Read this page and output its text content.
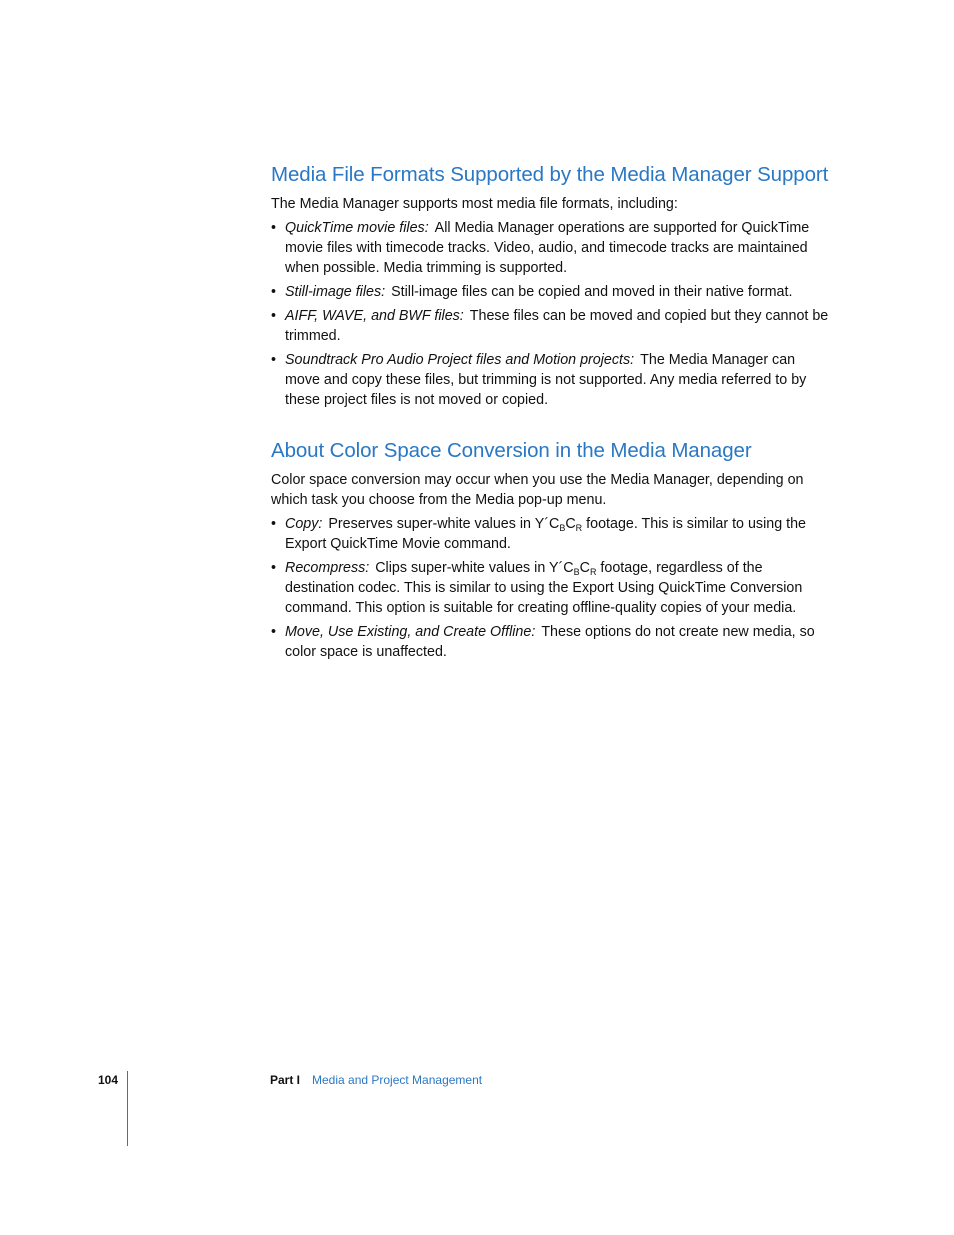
Media File Formats Supported by the Media Manager Support

The Media Manager supports most media file formats, including:

• QuickTime movie files: All Media Manager operations are supported for QuickTime movie files with timecode tracks. Video, audio, and timecode tracks are maintained when possible. Media trimming is supported.
• Still-image files: Still-image files can be copied and moved in their native format.
• AIFF, WAVE, and BWF files: These files can be moved and copied but they cannot be trimmed.
• Soundtrack Pro Audio Project files and Motion projects: The Media Manager can move and copy these files, but trimming is not supported. Any media referred to by these project files is not moved or copied.
About Color Space Conversion in the Media Manager

Color space conversion may occur when you use the Media Manager, depending on which task you choose from the Media pop-up menu.

• Copy: Preserves super-white values in $Y´C_BC_R$ footage. This is similar to using the Export QuickTime Movie command.
• Recompress: Clips super-white values in $Y´C_BC_R$ footage, regardless of the destination codec. This is similar to using the Export Using QuickTime Conversion command. This option is suitable for creating offline-quality copies of your media.
• Move, Use Existing, and Create Offline: These options do not create new media, so color space is unaffected.
104	Part I Media and Project Management
